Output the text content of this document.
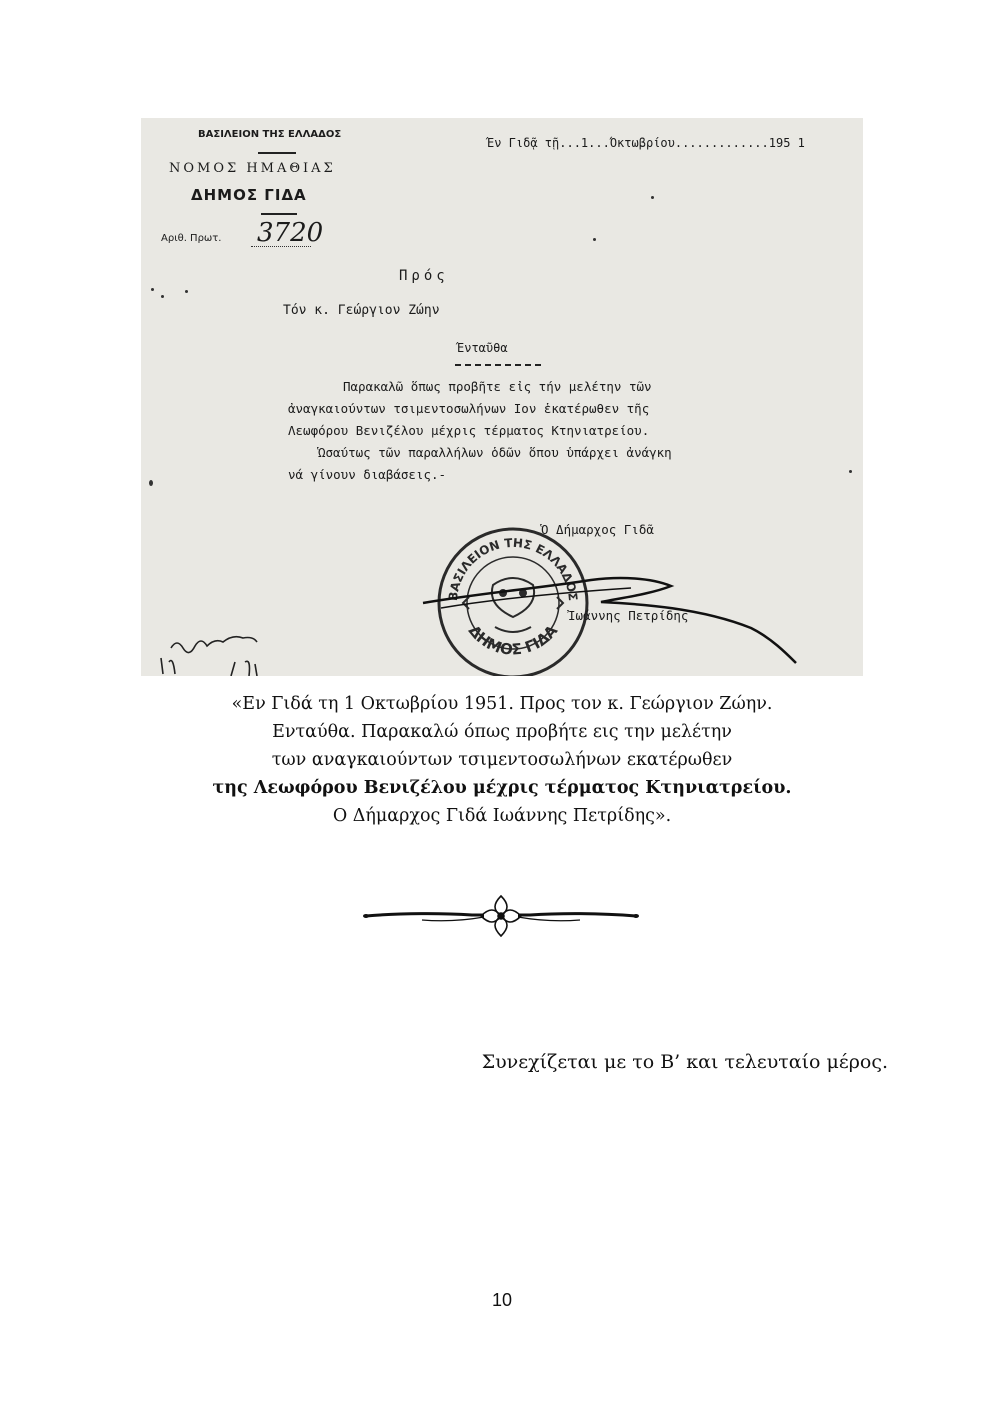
ΒΑΣΙΛΕΙΟΝ ΤΗΣ ΕΛΛΑΔΟΣ
ΝΟΜΟΣ ΗΜΑΘΙΑΣ
ΔΗΜΟΣ ΓΙΔΑ
Αριθ. Πρωτ. 3720
Έν Γιδᾷ τῇ...1...Όκτωβρίου.............195 1
Πρός
Τόν κ. Γεώργιον Ζώην
Ένταῦθα
Παρακαλῶ ὅπως προβῆτε εἰς τήν μελέτην τῶν
ἀναγκαιούντων τσιμεντοσωλήνων Ιον ἑκατέρωθεν τῆς
Λεωφόρου Βενιζέλου μέχρις τέρματος Κτηνιατρείου.
Ὡσαύτως τῶν παραλλήλων ὁδῶν ὅπου ὑπάρχει ἀνάγκη
νά γίνουν διαβάσεις.-
Ὁ Δήμαρχος Γιδᾶ
ΒΑΣΙΛΕΙΟΝ ΤΗΣ ΕΛΛΑΔΟΣ
ΔΗΜΟΣ ΓΙΔΑ
Ἰωάννης Πετρίδης
«Εν Γιδά τη 1 Οκτωβρίου 1951. Προς τον κ. Γεώργιον Ζώην.
Ενταύθα. Παρακαλώ όπως προβήτε εις την μελέτην
των αναγκαιούντων τσιμεντοσωλήνων εκατέρωθεν
της Λεωφόρου Βενιζέλου μέχρις τέρματος Κτηνιατρείου.
Ο Δήμαρχος Γιδά Ιωάννης Πετρίδης».
Συνεχίζεται με το Β’ και τελευταίο μέρος.
10
